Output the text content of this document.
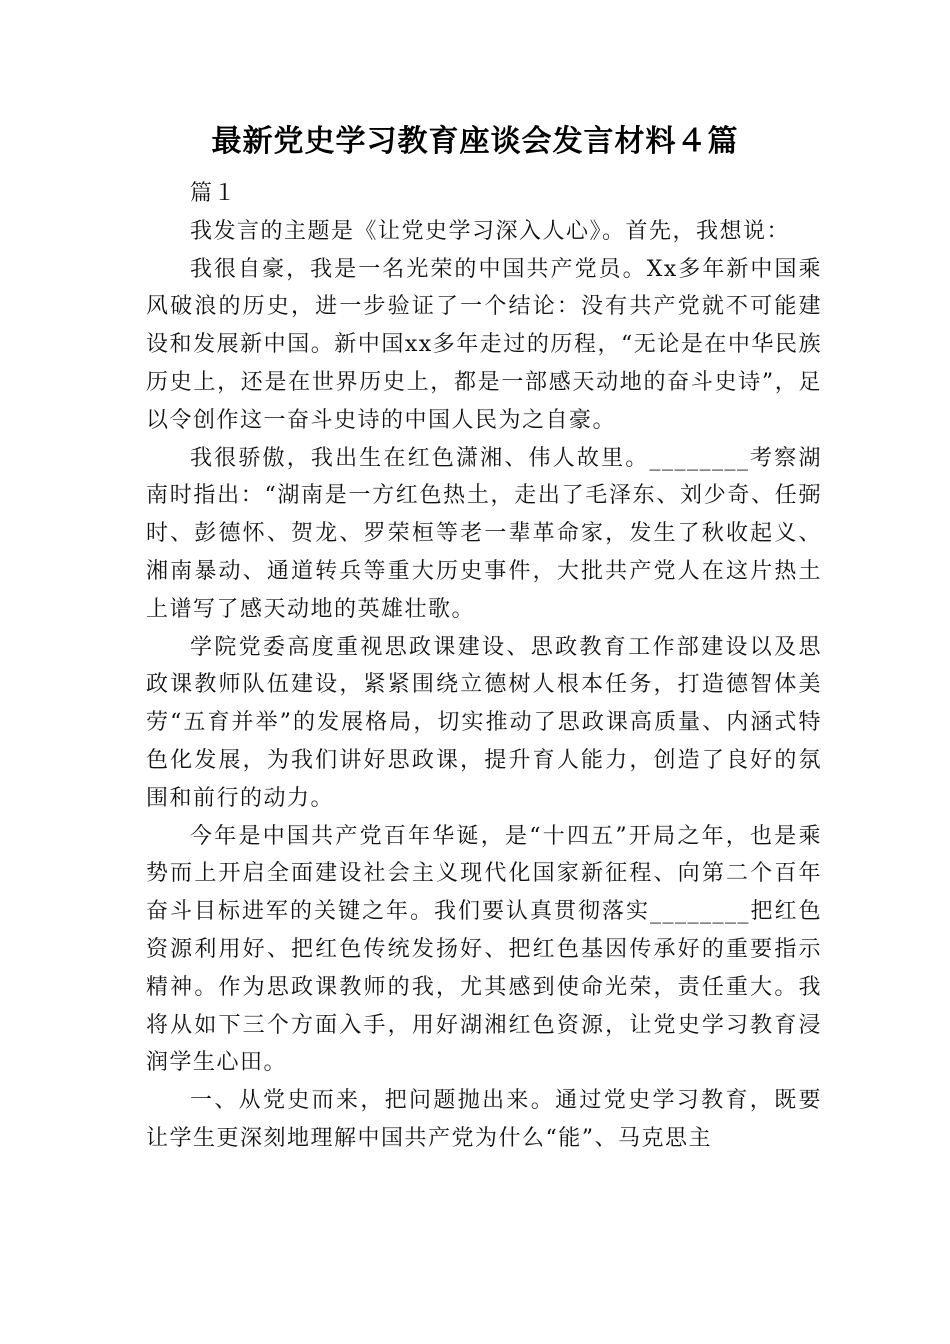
最新党史学习教育座谈会发言材料４篇

篇１

我发言的主题是《让党史学习深入人心》。首先，我想说：

我很自豪，我是一名光荣的中国共产党员。Xx多年新中国乘风破浪的历史，进一步验证了一个结论：没有共产党就不可能建设和发展新中国。新中国xx多年走过的历程，“无论是在中华民族历史上，还是在世界历史上，都是一部感天动地的奋斗史诗”，足以令创作这一奋斗史诗的中国人民为之自豪。

我很骄傲，我出生在红色潇湘、伟人故里。________考察湖南时指出：“湖南是一方红色热土，走出了毛泽东、刘少奇、任弼时、彭德怀、贺龙、罗荣桓等老一辈革命家，发生了秋收起义、湘南暴动、通道转兵等重大历史事件，大批共产党人在这片热土上谱写了感天动地的英雄壮歌。

学院党委高度重视思政课建设、思政教育工作部建设以及思政课教师队伍建设，紧紧围绕立德树人根本任务，打造德智体美劳“五育并举”的发展格局，切实推动了思政课高质量、内涵式特色化发展，为我们讲好思政课，提升育人能力，创造了良好的氛围和前行的动力。

今年是中国共产党百年华诞，是“十四五”开局之年，也是乘势而上开启全面建设社会主义现代化国家新征程、向第二个百年奋斗目标进军的关键之年。我们要认真贯彻落实________把红色资源利用好、把红色传统发扬好、把红色基因传承好的重要指示精神。作为思政课教师的我，尤其感到使命光荣，责任重大。我将从如下三个方面入手，用好湖湘红色资源，让党史学习教育浸润学生心田。

一、从党史而来，把问题抛出来。通过党史学习教育，既要让学生更深刻地理解中国共产党为什么“能”、马克思主
